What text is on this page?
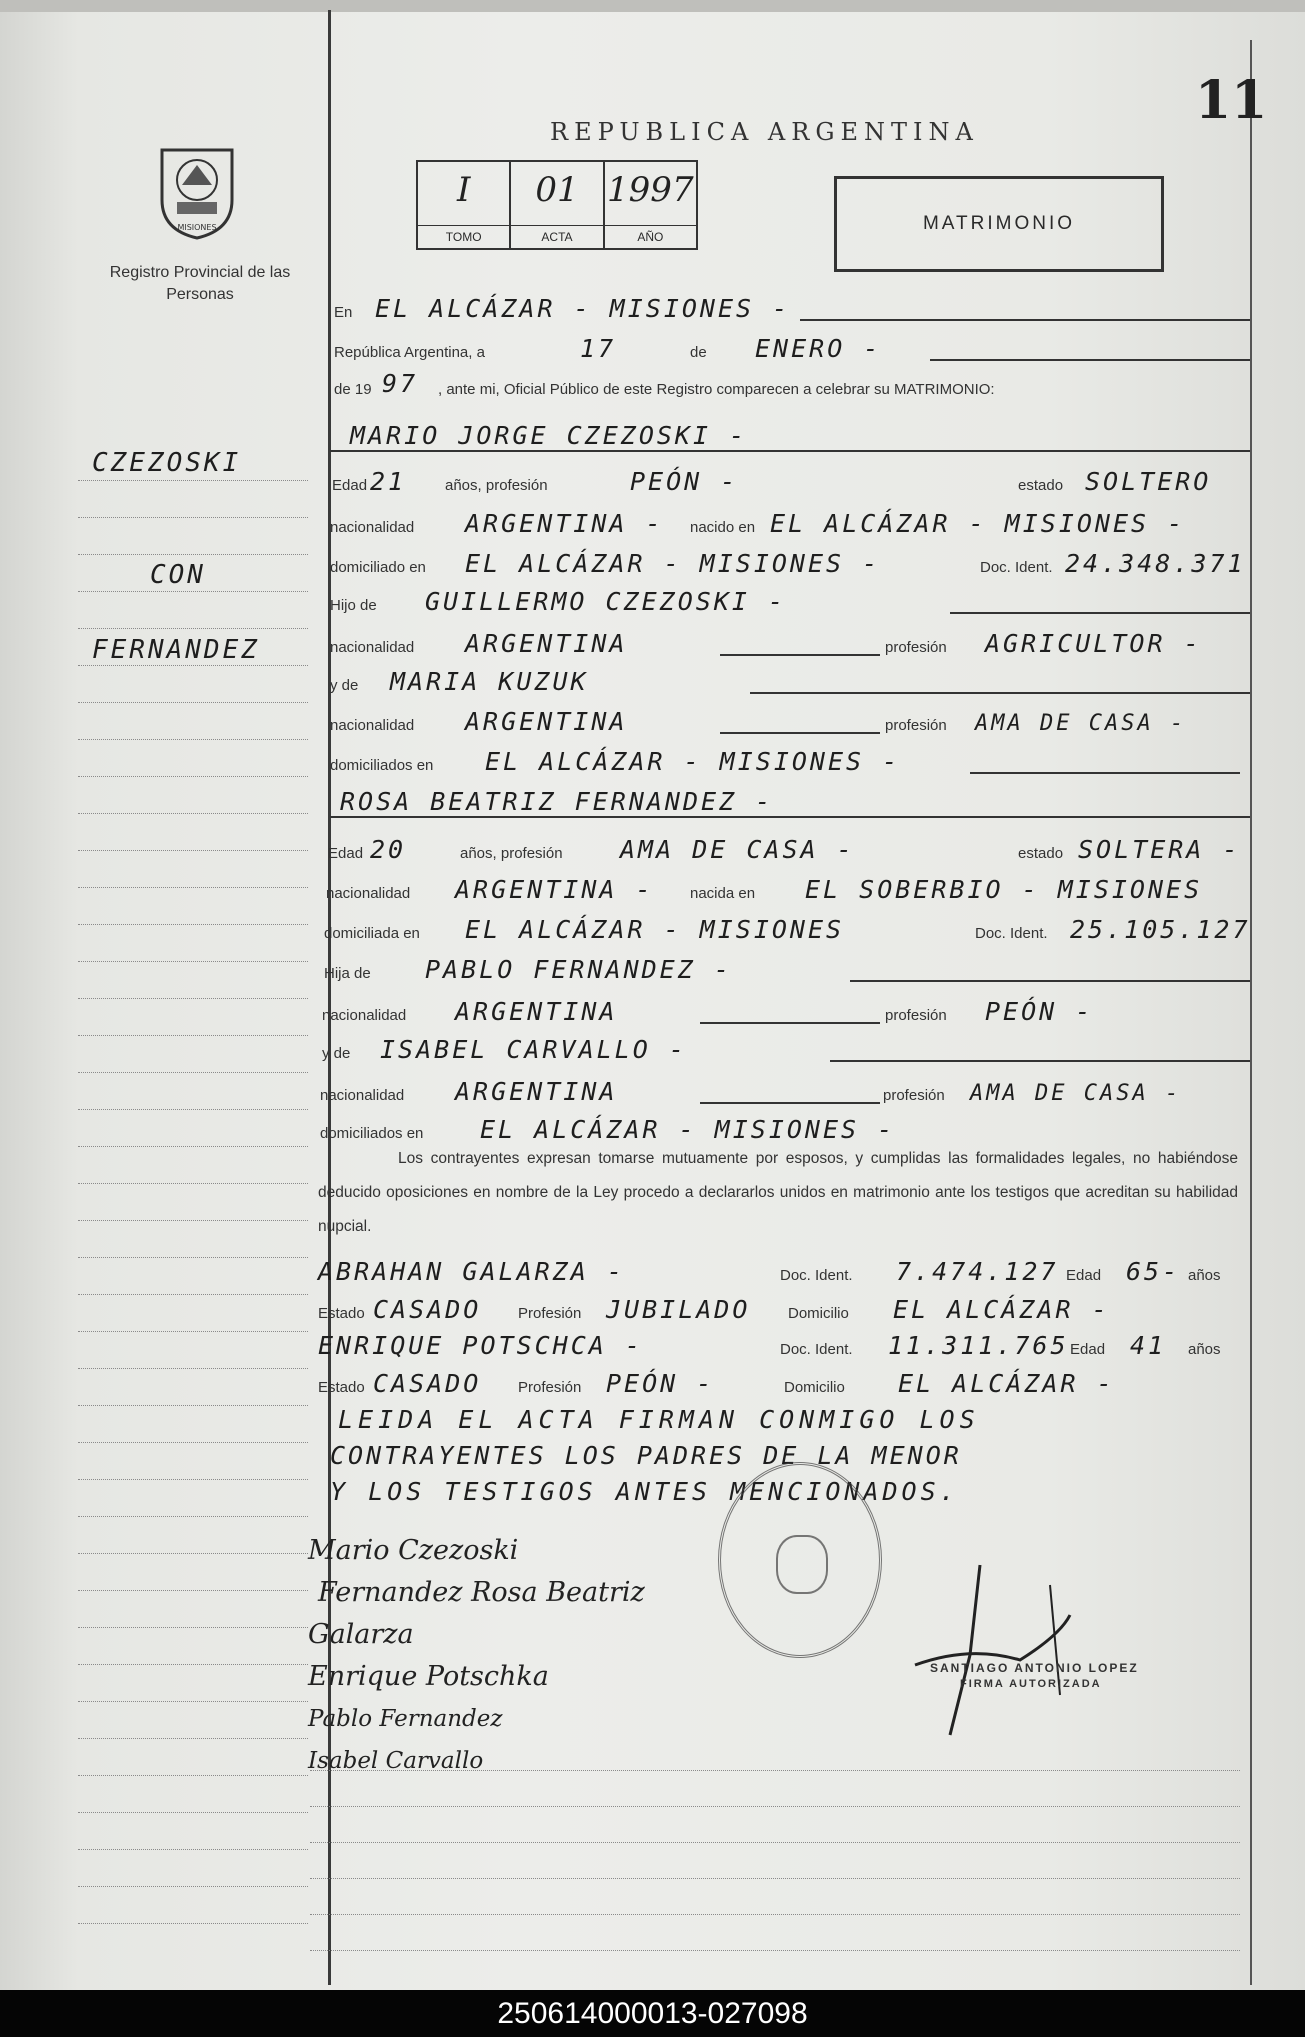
11
REPUBLICA ARGENTINA
MISIONES
Registro Provincial de las Personas
I
TOMO
01
ACTA
1997
AÑO
MATRIMONIO
CZEZOSKI
CON
FERNANDEZ
En EL ALCÁZAR - MISIONES -
República Argentina, a	17	de ENERO -
de 19 97 , ante mi, Oficial Público de este Registro comparecen a celebrar su MATRIMONIO:
MARIO JORGE CZEZOSKI -
Edad 21	años, profesión	PEÓN -	estado SOLTERO
nacionalidad ARGENTINA - nacido en EL ALCÁZAR - MISIONES -
domiciliado en EL ALCÁZAR - MISIONES -	Doc. Ident. 24.348.371
Hijo de GUILLERMO CZEZOSKI -
nacionalidad ARGENTINA	profesión AGRICULTOR -
y de MARIA KUZUK
nacionalidad ARGENTINA	profesión AMA DE CASA -
domiciliados en EL ALCÁZAR - MISIONES -
ROSA BEATRIZ FERNANDEZ -
Edad 20	años, profesión AMA DE CASA -	estado SOLTERA -
nacionalidad ARGENTINA - nacida en EL SOBERBIO - MISIONES
domiciliada en EL ALCÁZAR - MISIONES	Doc. Ident. 25.105.127
Hija de PABLO FERNANDEZ -
nacionalidad ARGENTINA	profesión PEÓN -
y de ISABEL CARVALLO -
nacionalidad ARGENTINA	profesión AMA DE CASA -
domiciliados en EL ALCÁZAR - MISIONES -
Los contrayentes expresan tomarse mutuamente por esposos, y cumplidas las formalidades legales, no habiéndose deducido oposiciones en nombre de la Ley procedo a declararlos unidos en matrimonio ante los testigos que acreditan su habilidad nupcial.
ABRAHAN GALARZA -	Doc. Ident. 7.474.127 Edad 65- años
Estado CASADO Profesión JUBILADO	Domicilio EL ALCÁZAR -
ENRIQUE POTSCHCA -	Doc. Ident. 11.311.765 Edad 41 años
Estado CASADO Profesión PEÓN -	Domicilio EL ALCÁZAR -
LEIDA EL ACTA FIRMAN CONMIGO LOS
CONTRAYENTES LOS PADRES DE LA MENOR
Y LOS TESTIGOS ANTES MENCIONADOS.
Mario Czezoski
Fernandez Rosa Beatriz
Galarza
Enrique Potschka
Pablo Fernandez
Isabel Carvallo
SANTIAGO ANTONIO LOPEZ
FIRMA AUTORIZADA
250614000013-027098
